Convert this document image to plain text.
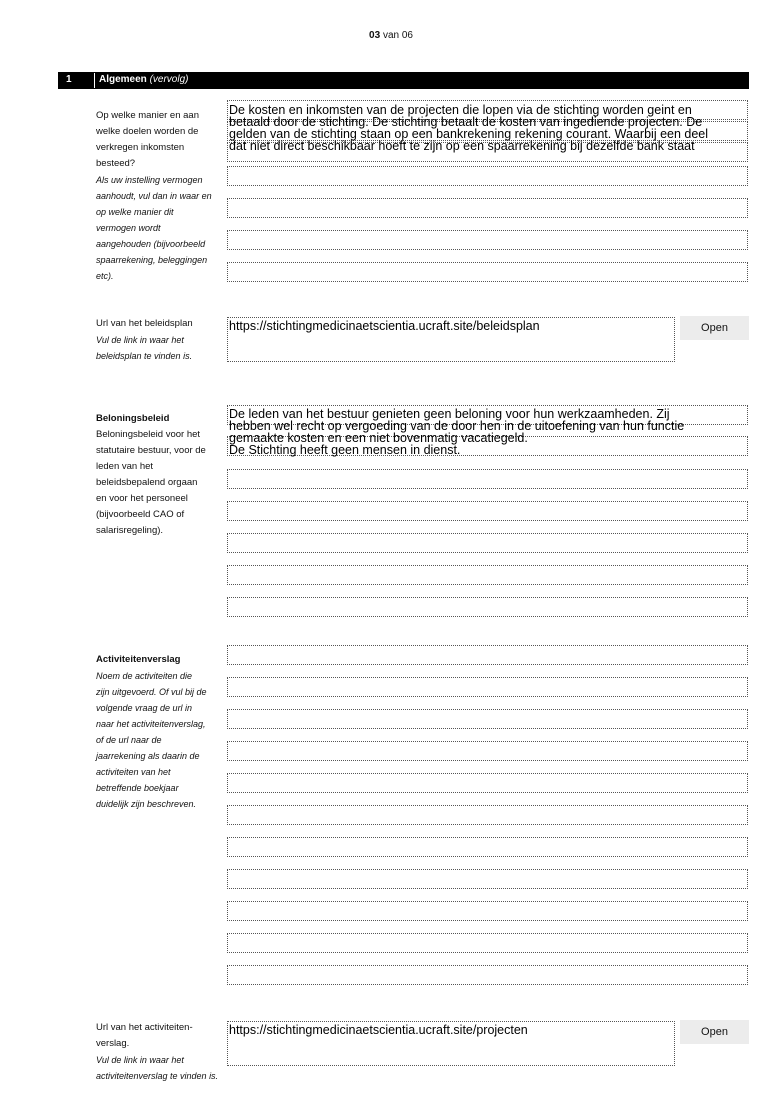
03 van 06
1	Algemeen (vervolg)
Op welke manier en aan welke doelen worden de verkregen inkomsten besteed?
Als uw instelling vermogen aanhoudt, vul dan in waar en op welke manier dit vermogen wordt aangehouden (bijvoorbeeld spaarrekening, beleggingen etc).
De kosten en inkomsten van de projecten die lopen via de stichting worden geint en
betaald door de stichting. De stichting betaalt de kosten van ingediende projecten. De
gelden van de stichting staan op een bankrekening rekening courant. Waarbij een deel
dat niet direct beschikbaar hoeft te zijn op een spaarrekening bij dezelfde bank staat
Url van het beleidsplan
Vul de link in waar het beleidsplan te vinden is.
https://stichtingmedicinaetscientia.ucraft.site/beleidsplan	Open
Beloningsbeleid
Beloningsbeleid voor het statutaire bestuur, voor de leden van het beleidsbepalend orgaan en voor het personeel (bijvoorbeeld CAO of salarisregeling).
De leden van het bestuur genieten geen beloning voor hun werkzaamheden. Zij
hebben wel recht op vergoeding van de door hen in de uitoefening van hun functie
gemaakte kosten en een niet bovenmatig vacatiegeld.
De Stichting heeft geen mensen in dienst.
Activiteitenverslag
Noem de activiteiten die zijn uitgevoerd. Of vul bij de volgende vraag de url in naar het activiteitenverslag, of de url naar de jaarrekening als daarin de activiteiten van het betreffende boekjaar duidelijk zijn beschreven.
Url van het activiteiten-verslag.
Vul de link in waar het activiteitenverslag te vinden is.
https://stichtingmedicinaetscientia.ucraft.site/projecten	Open
